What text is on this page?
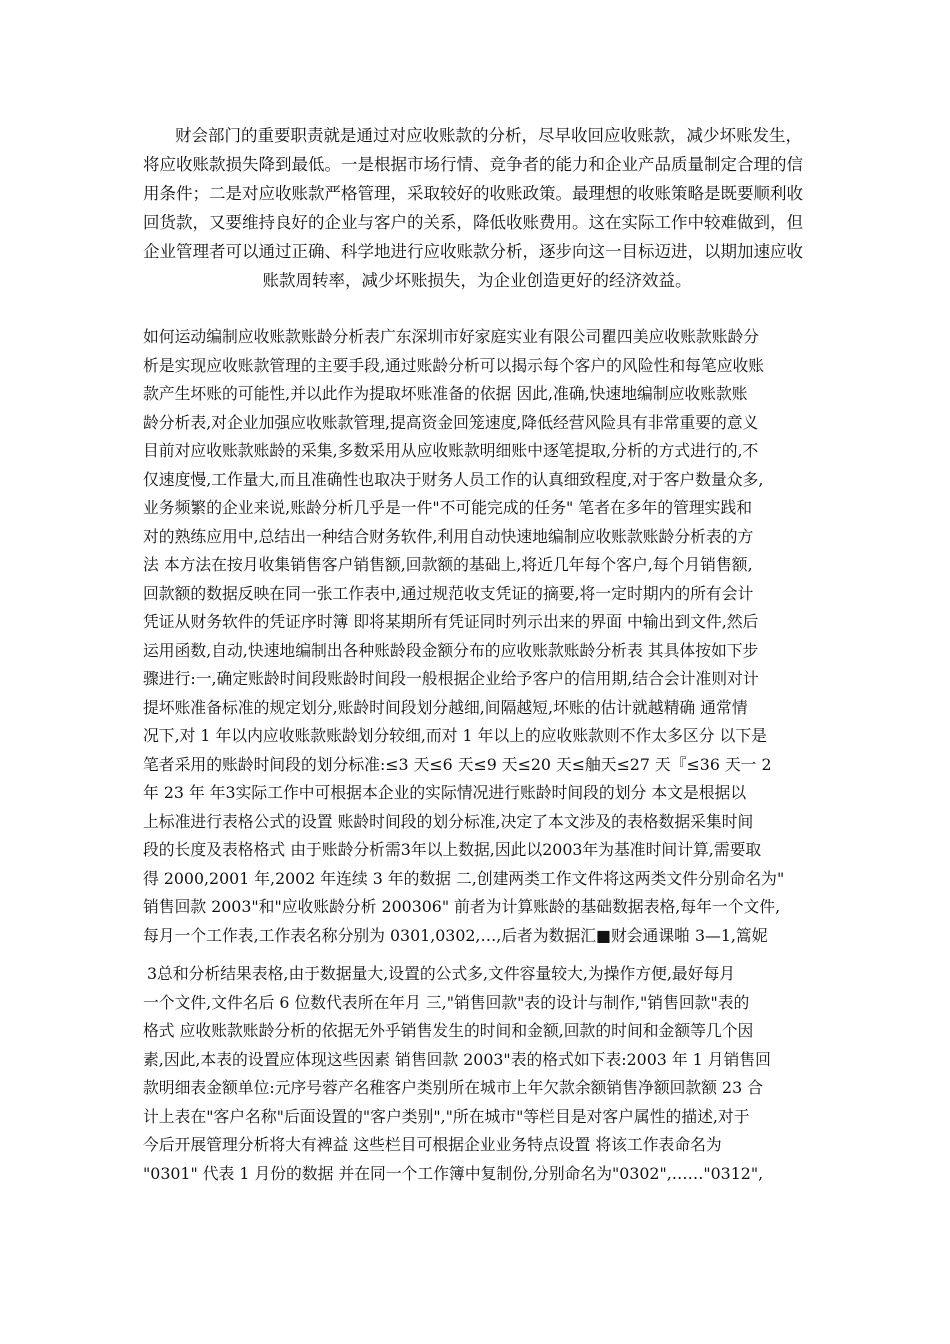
财会部门的重要职责就是通过对应收账款的分析，尽早收回应收账款，减少坏账发生，
将应收账款损失降到最低。一是根据市场行情、竞争者的能力和企业产品质量制定合理的信
用条件；二是对应收账款严格管理，采取较好的收账政策。最理想的收账策略是既要顺利收
回货款，又要维持良好的企业与客户的关系，降低收账费用。这在实际工作中较难做到，但
企业管理者可以通过正确、科学地进行应收账款分析，逐步向这一目标迈进，以期加速应收
账款周转率，减少坏账损失，为企业创造更好的经济效益。
如何运动编制应收账款账龄分析表广东深圳市好家庭实业有限公司瞿四美应收账款账龄分
析是实现应收账款管理的主要手段,通过账龄分析可以揭示每个客户的风险性和每笔应收账
款产生坏账的可能性,并以此作为提取坏账准备的依据 因此,准确,快速地编制应收账款账
龄分析表,对企业加强应收账款管理,提高资金回笼速度,降低经营风险具有非常重要的意义
目前对应收账款账龄的采集,多数采用从应收账款明细账中逐笔提取,分析的方式进行的,不
仅速度慢,工作量大,而且准确性也取决于财务人员工作的认真细致程度,对于客户数量众多,
业务频繁的企业来说,账龄分析几乎是一件"不可能完成的任务" 笔者在多年的管理实践和
对的熟练应用中,总结出一种结合财务软件,利用自动快速地编制应收账款账龄分析表的方
法 本方法在按月收集销售客户销售额,回款额的基础上,将近几年每个客户,每个月销售额,
回款额的数据反映在同一张工作表中,通过规范收支凭证的摘要,将一定时期内的所有会计
凭证从财务软件的凭证序时簿 即将某期所有凭证同时列示出来的界面 中输出到文件,然后
运用函数,自动,快速地编制出各种账龄段金额分布的应收账款账龄分析表 其具体按如下步
骤进行:一,确定账龄时间段账龄时间段一般根据企业给予客户的信用期,结合会计准则对计
提坏账准备标准的规定划分,账龄时间段划分越细,间隔越短,坏账的估计就越精确 通常情
况下,对 1 年以内应收账款账龄划分较细,而对 1 年以上的应收账款则不作太多区分 以下是
笔者采用的账龄时间段的划分标准:≤3 天≤6 天≤9 天≤20 天≤舳天≤27 天『≤36 天一 2
年 23 年 年3实际工作中可根据本企业的实际情况进行账龄时间段的划分 本文是根据以
上标准进行表格公式的设置 账龄时间段的划分标准,决定了本文涉及的表格数据采集时间
段的长度及表格格式 由于账龄分析需3年以上数据,因此以2003年为基准时间计算,需要取
得 2000,2001 年,2002 年连续 3 年的数据 二,创建两类工作文件将这两类文件分别命名为"
销售回款 2003"和"应收账龄分析 200306" 前者为计算账龄的基础数据表格,每年一个文件,
每月一个工作表,工作表名称分别为 0301,0302,…,后者为数据汇■财会通课啪 3—1,篙妮
3总和分析结果表格,由于数据量大,设置的公式多,文件容量较大,为操作方便,最好每月
一个文件,文件名后 6 位数代表所在年月 三,"销售回款"表的设计与制作,"销售回款"表的
格式 应收账款账龄分析的依据无外乎销售发生的时间和金额,回款的时间和金额等几个因
素,因此,本表的设置应体现这些因素 销售回款 2003"表的格式如下表:2003 年 1 月销售回
款明细表金额单位:元序号蓉产名稚客户类别所在城市上年欠款余额销售净额回款额 23 合
计上表在"客户名称"后面设置的"客户类别","所在城市"等栏目是对客户属性的描述,对于
今后开展管理分析将大有裨益 这些栏目可根据企业业务特点设置 将该工作表命名为
"0301" 代表 1 月份的数据 并在同一个工作簿中复制份,分别命名为"0302",……"0312",
